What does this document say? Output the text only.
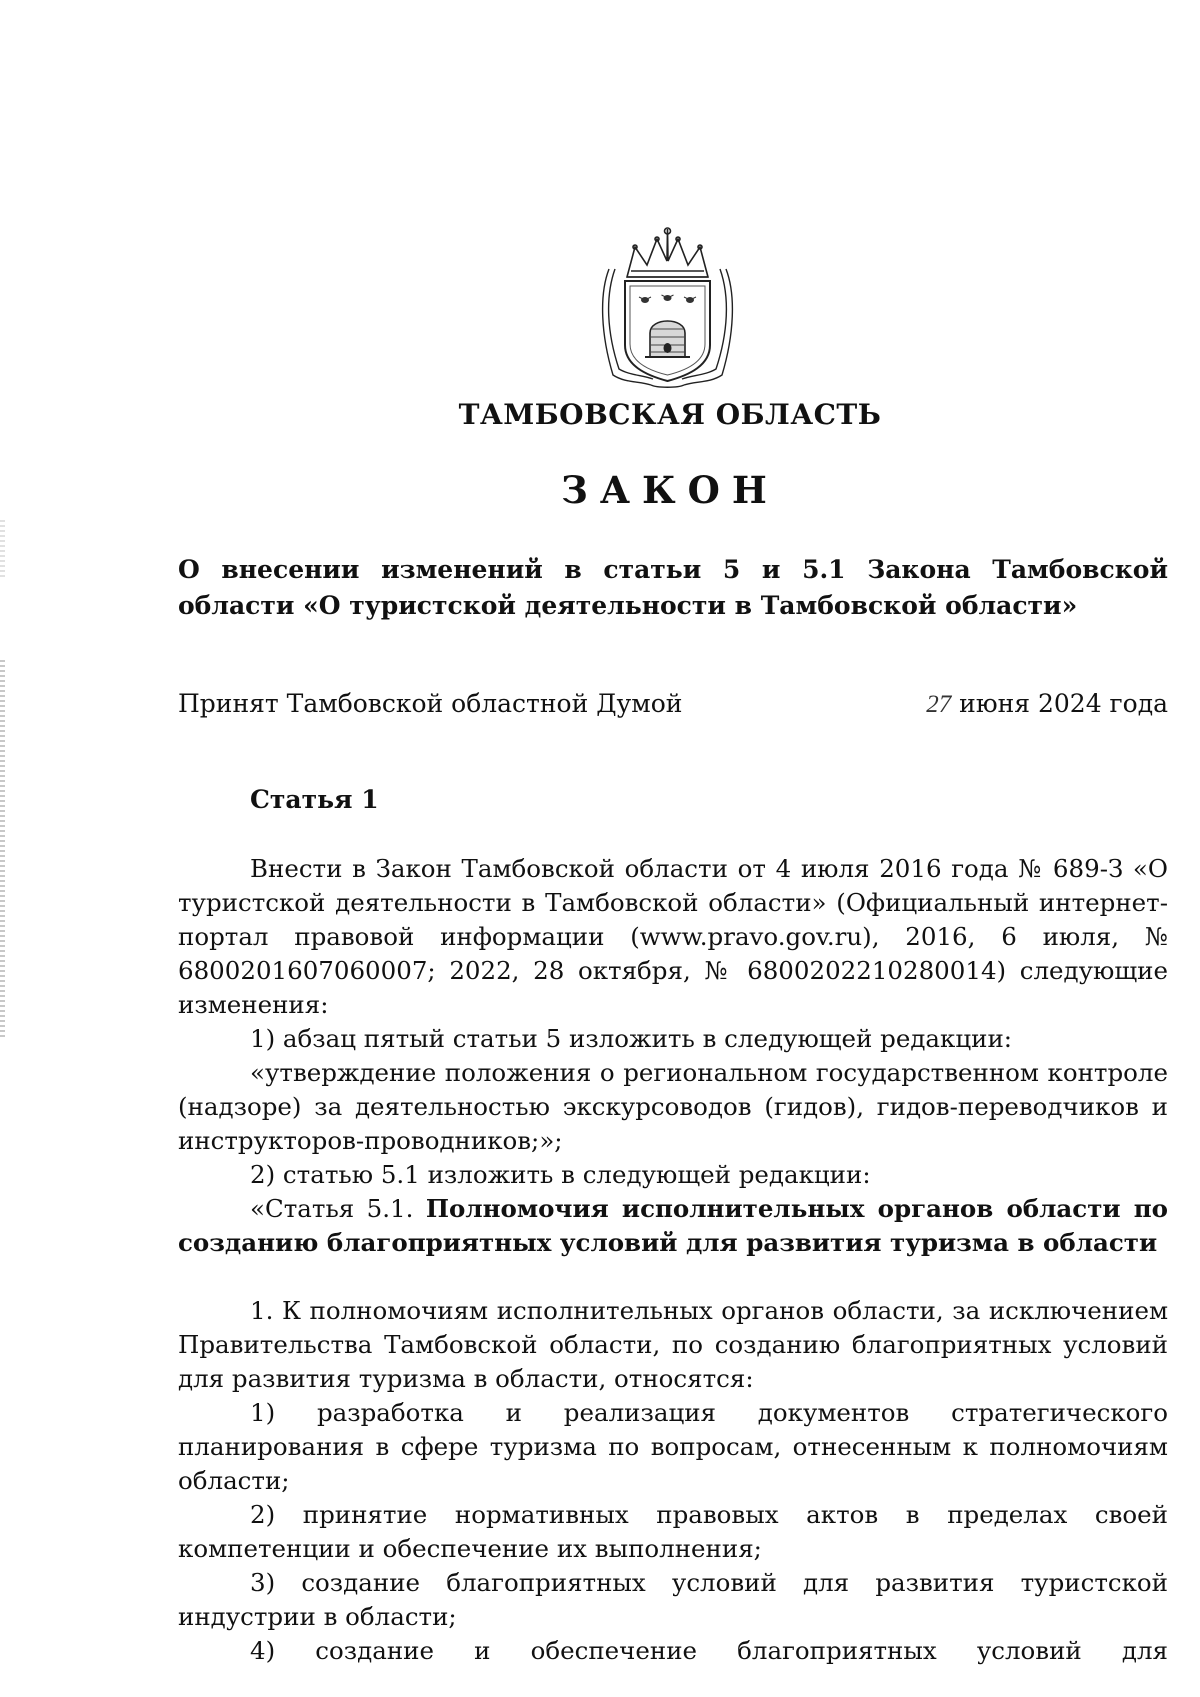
ТАМБОВСКАЯ ОБЛАСТЬ
ЗАКОН
О внесении изменений в статьи 5 и 5.1 Закона Тамбовской области «О туристской деятельности в Тамбовской области»
Принят Тамбовской областной Думой	27 июня 2024 года
Статья 1

Внести в Закон Тамбовской области от 4 июля 2016 года № 689-З «О туристской деятельности в Тамбовской области» (Официальный интернет-портал правовой информации (www.pravo.gov.ru), 2016, 6 июля, № 6800201607060007; 2022, 28 октября, № 6800202210280014) следующие изменения:

1) абзац пятый статьи 5 изложить в следующей редакции:

«утверждение положения о региональном государственном контроле (надзоре) за деятельностью экскурсоводов (гидов), гидов-переводчиков и инструкторов-проводников;»;

2) статью 5.1 изложить в следующей редакции:

«Статья 5.1. Полномочия исполнительных органов области по созданию благоприятных условий для развития туризма в области

1. К полномочиям исполнительных органов области, за исключением Правительства Тамбовской области, по созданию благоприятных условий для развития туризма в области, относятся:

1) разработка и реализация документов стратегического планирования в сфере туризма по вопросам, отнесенным к полномочиям области;

2) принятие нормативных правовых актов в пределах своей компетенции и обеспечение их выполнения;

3) создание благоприятных условий для развития туристской индустрии в области;

4) создание и обеспечение благоприятных условий для
